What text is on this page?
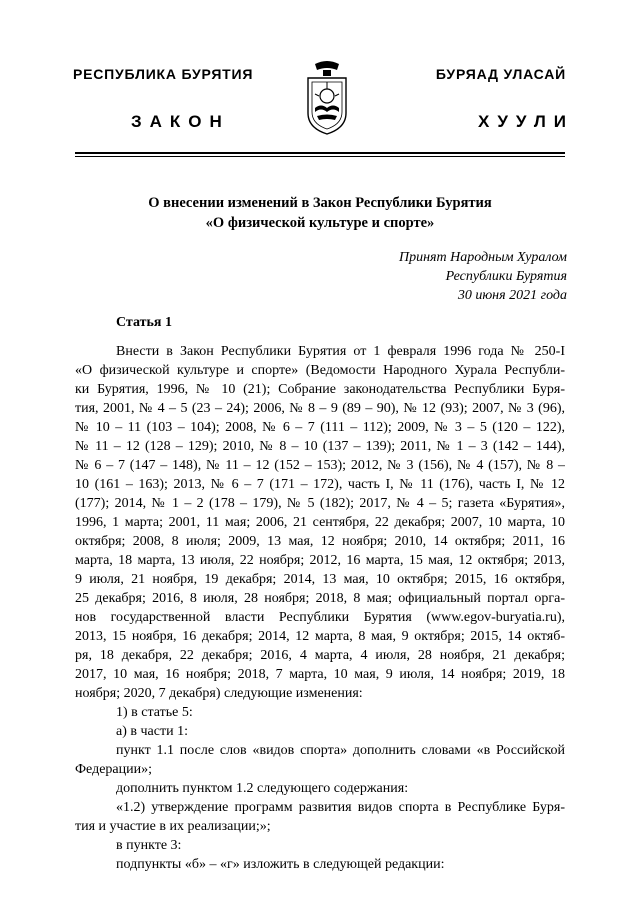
РЕСПУБЛИКА БУРЯТИЯ	БУРЯАД УЛАСАЙ
ЗАКОН	ХУУЛИ
О внесении изменений в Закон Республики Бурятия
«О физической культуре и спорте»
Принят Народным Хуралом
Республики Бурятия
30 июня 2021 года
Статья 1
Внести в Закон Республики Бурятия от 1 февраля 1996 года № 250-I
«О физической культуре и спорте» (Ведомости Народного Хурала Республи-
ки Бурятия, 1996, № 10 (21); Собрание законодательства Республики Буря-
тия, 2001, № 4 – 5 (23 – 24); 2006, № 8 – 9 (89 – 90), № 12 (93); 2007, № 3 (96),
№ 10 – 11 (103 – 104); 2008, № 6 – 7 (111 – 112); 2009, № 3 – 5 (120 – 122),
№ 11 – 12 (128 – 129); 2010, № 8 – 10 (137 – 139); 2011, № 1 – 3 (142 – 144),
№ 6 – 7 (147 – 148), № 11 – 12 (152 – 153); 2012, № 3 (156), № 4 (157), № 8 –
10 (161 – 163); 2013, № 6 – 7 (171 – 172), часть I, № 11 (176), часть I, № 12
(177); 2014, № 1 – 2 (178 – 179), № 5 (182); 2017, № 4 – 5; газета «Бурятия»,
1996, 1 марта; 2001, 11 мая; 2006, 21 сентября, 22 декабря; 2007, 10 марта, 10
октября; 2008, 8 июля; 2009, 13 мая, 12 ноября; 2010, 14 октября; 2011, 16
марта, 18 марта, 13 июля, 22 ноября; 2012, 16 марта, 15 мая, 12 октября; 2013,
9 июля, 21 ноября, 19 декабря; 2014, 13 мая, 10 октября; 2015, 16 октября,
25 декабря; 2016, 8 июля, 28 ноября; 2018, 8 мая; официальный портал орга-
нов государственной власти Республики Бурятия (www.egov-buryatia.ru),
2013, 15 ноября, 16 декабря; 2014, 12 марта, 8 мая, 9 октября; 2015, 14 октяб-
ря, 18 декабря, 22 декабря; 2016, 4 марта, 4 июля, 28 ноября, 21 декабря;
2017, 10 мая, 16 ноября; 2018, 7 марта, 10 мая, 9 июля, 14 ноября; 2019, 18
ноября; 2020, 7 декабря) следующие изменения:
1) в статье 5:
а) в части 1:
пункт 1.1 после слов «видов спорта» дополнить словами «в Российской
Федерации»;
дополнить пунктом 1.2 следующего содержания:
«1.2) утверждение программ развития видов спорта в Республике Буря-
тия и участие в их реализации;»;
в пункте 3:
подпункты «б» – «г» изложить в следующей редакции:
